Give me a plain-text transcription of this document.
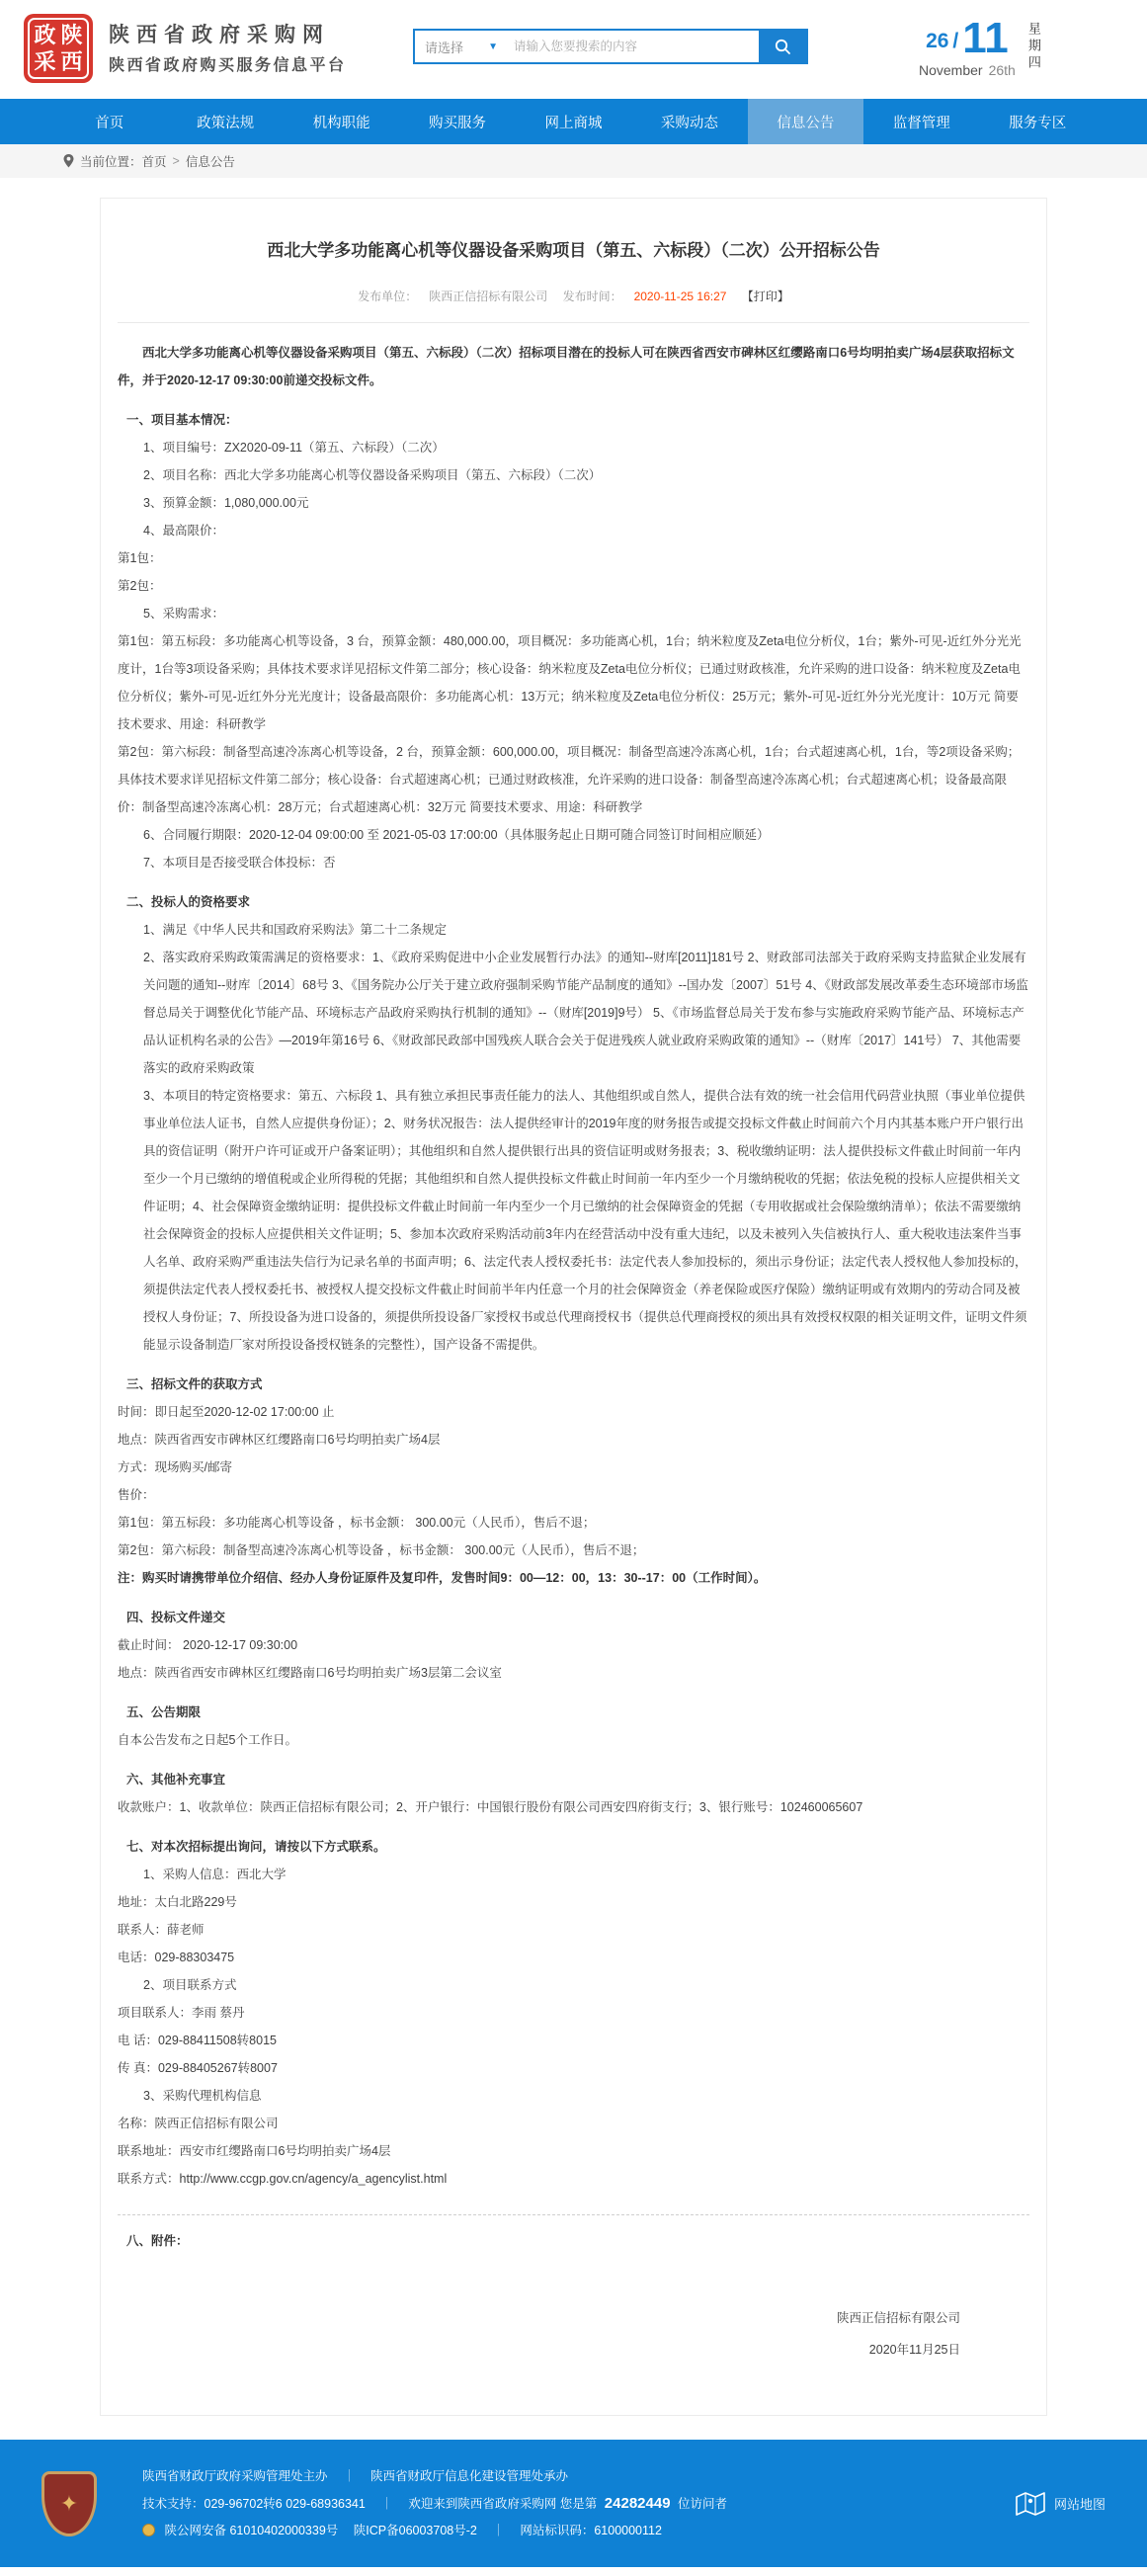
政 陕
采 西
陕西省政府采购网
陕西省政府购买服务信息平台
请选择	▼
请输入您要搜索的内容	26 / 11
November 26th 星期四
首页	政策法规	机构职能	购买服务	网上商城	采购动态	信息公告	监督管理	服务专区
当前位置： 首页 > 信息公告
西北大学多功能离心机等仪器设备采购项目（第五、六标段）（二次）公开招标公告
发布单位： 陕西正信招标有限公司 发布时间： 2020-11-25 16:27 【打印】

西北大学多功能离心机等仪器设备采购项目（第五、六标段）（二次）招标项目潜在的投标人可在陕西省西安市碑林区红缨路南口6号均明拍卖广场4层获取招标文件，并于2020-12-17 09:30:00前递交投标文件。

一、项目基本情况：

1、项目编号：ZX2020-09-11（第五、六标段）（二次）

2、项目名称：西北大学多功能离心机等仪器设备采购项目（第五、六标段）（二次）

3、预算金额：1,080,000.00元

4、最高限价：

第1包：

第2包：

5、采购需求：

第1包：第五标段：多功能离心机等设备，3 台，预算金额：480,000.00，项目概况：多功能离心机，1台；纳米粒度及Zeta电位分析仪，1台；紫外-可见-近红外分光光度计，1台等3项设备采购；具体技术要求详见招标文件第二部分；核心设备：纳米粒度及Zeta电位分析仪；已通过财政核准，允许采购的进口设备：纳米粒度及Zeta电位分析仪；紫外-可见-近红外分光光度计；设备最高限价：多功能离心机：13万元；纳米粒度及Zeta电位分析仪：25万元；紫外-可见-近红外分光光度计：10万元 简要技术要求、用途：科研教学

第2包：第六标段：制备型高速冷冻离心机等设备，2 台，预算金额：600,000.00，项目概况：制备型高速冷冻离心机，1台；台式超速离心机，1台，等2项设备采购；具体技术要求详见招标文件第二部分；核心设备：台式超速离心机；已通过财政核准，允许采购的进口设备：制备型高速冷冻离心机；台式超速离心机；设备最高限价：制备型高速冷冻离心机：28万元；台式超速离心机：32万元 简要技术要求、用途：科研教学

6、合同履行期限：2020-12-04 09:00:00 至 2021-05-03 17:00:00（具体服务起止日期可随合同签订时间相应顺延）

7、本项目是否接受联合体投标：否

二、投标人的资格要求

1、满足《中华人民共和国政府采购法》第二十二条规定

2、落实政府采购政策需满足的资格要求：1、《政府采购促进中小企业发展暂行办法》的通知--财库[2011]181号 2、财政部司法部关于政府采购支持监狱企业发展有关问题的通知--财库〔2014〕68号 3、《国务院办公厅关于建立政府强制采购节能产品制度的通知》--国办发〔2007〕51号 4、《财政部发展改革委生态环境部市场监督总局关于调整优化节能产品、环境标志产品政府采购执行机制的通知》--（财库[2019]9号） 5、《市场监督总局关于发布参与实施政府采购节能产品、环境标志产品认证机构名录的公告》—2019年第16号 6、《财政部民政部中国残疾人联合会关于促进残疾人就业政府采购政策的通知》--（财库〔2017〕141号） 7、其他需要落实的政府采购政策

3、本项目的特定资格要求：第五、六标段 1、具有独立承担民事责任能力的法人、其他组织或自然人，提供合法有效的统一社会信用代码营业执照（事业单位提供事业单位法人证书，自然人应提供身份证）；2、财务状况报告：法人提供经审计的2019年度的财务报告或提交投标文件截止时间前六个月内其基本账户开户银行出具的资信证明（附开户许可证或开户备案证明）；其他组织和自然人提供银行出具的资信证明或财务报表；3、税收缴纳证明：法人提供投标文件截止时间前一年内至少一个月已缴纳的增值税或企业所得税的凭据；其他组织和自然人提供投标文件截止时间前一年内至少一个月缴纳税收的凭据；依法免税的投标人应提供相关文件证明；4、社会保障资金缴纳证明：提供投标文件截止时间前一年内至少一个月已缴纳的社会保障资金的凭据（专用收据或社会保险缴纳清单）；依法不需要缴纳社会保障资金的投标人应提供相关文件证明；5、参加本次政府采购活动前3年内在经营活动中没有重大违纪，以及未被列入失信被执行人、重大税收违法案件当事人名单、政府采购严重违法失信行为记录名单的书面声明；6、法定代表人授权委托书：法定代表人参加投标的，须出示身份证；法定代表人授权他人参加投标的，须提供法定代表人授权委托书、被授权人提交投标文件截止时间前半年内任意一个月的社会保障资金（养老保险或医疗保险）缴纳证明或有效期内的劳动合同及被授权人身份证；7、所投设备为进口设备的，须提供所投设备厂家授权书或总代理商授权书（提供总代理商授权的须出具有效授权权限的相关证明文件，证明文件须能显示设备制造厂家对所投设备授权链条的完整性），国产设备不需提供。

三、招标文件的获取方式

时间：即日起至2020-12-02 17:00:00 止

地点：陕西省西安市碑林区红缨路南口6号均明拍卖广场4层

方式：现场购买/邮寄

售价：

第1包：第五标段：多功能离心机等设备 ，标书金额： 300.00元（人民币），售后不退；

第2包：第六标段：制备型高速冷冻离心机等设备 ，标书金额： 300.00元（人民币），售后不退；

注：购买时请携带单位介绍信、经办人身份证原件及复印件，发售时间9：00—12：00，13：30--17：00（工作时间）。

四、投标文件递交

截止时间： 2020-12-17 09:30:00

地点：陕西省西安市碑林区红缨路南口6号均明拍卖广场3层第二会议室

五、公告期限

自本公告发布之日起5个工作日。

六、其他补充事宜

收款账户：1、收款单位：陕西正信招标有限公司；2、开户银行：中国银行股份有限公司西安四府街支行；3、银行账号：102460065607

七、对本次招标提出询问，请按以下方式联系。

1、采购人信息：西北大学

地址：太白北路229号

联系人：薛老师

电话：029-88303475

2、项目联系方式

项目联系人：李雨 蔡丹

电 话：029-88411508转8015

传 真：029-88405267转8007

3、采购代理机构信息

名称：陕西正信招标有限公司

联系地址：西安市红缨路南口6号均明拍卖广场4层

联系方式：http://www.ccgp.gov.cn/agency/a_agencylist.html

八、附件：

陕西正信招标有限公司
2020年11月25日
✦
陕西省财政厅政府采购管理处主办 ｜ 陕西省财政厅信息化建设管理处承办
技术支持：029-96702转6 029-68936341 ｜ 欢迎来到陕西省政府采购网 您是第 24282449 位访问者
陕公网安备 61010402000339号 陕ICP备06003708号-2 ｜ 网站标识码：6100000112
网站地图
